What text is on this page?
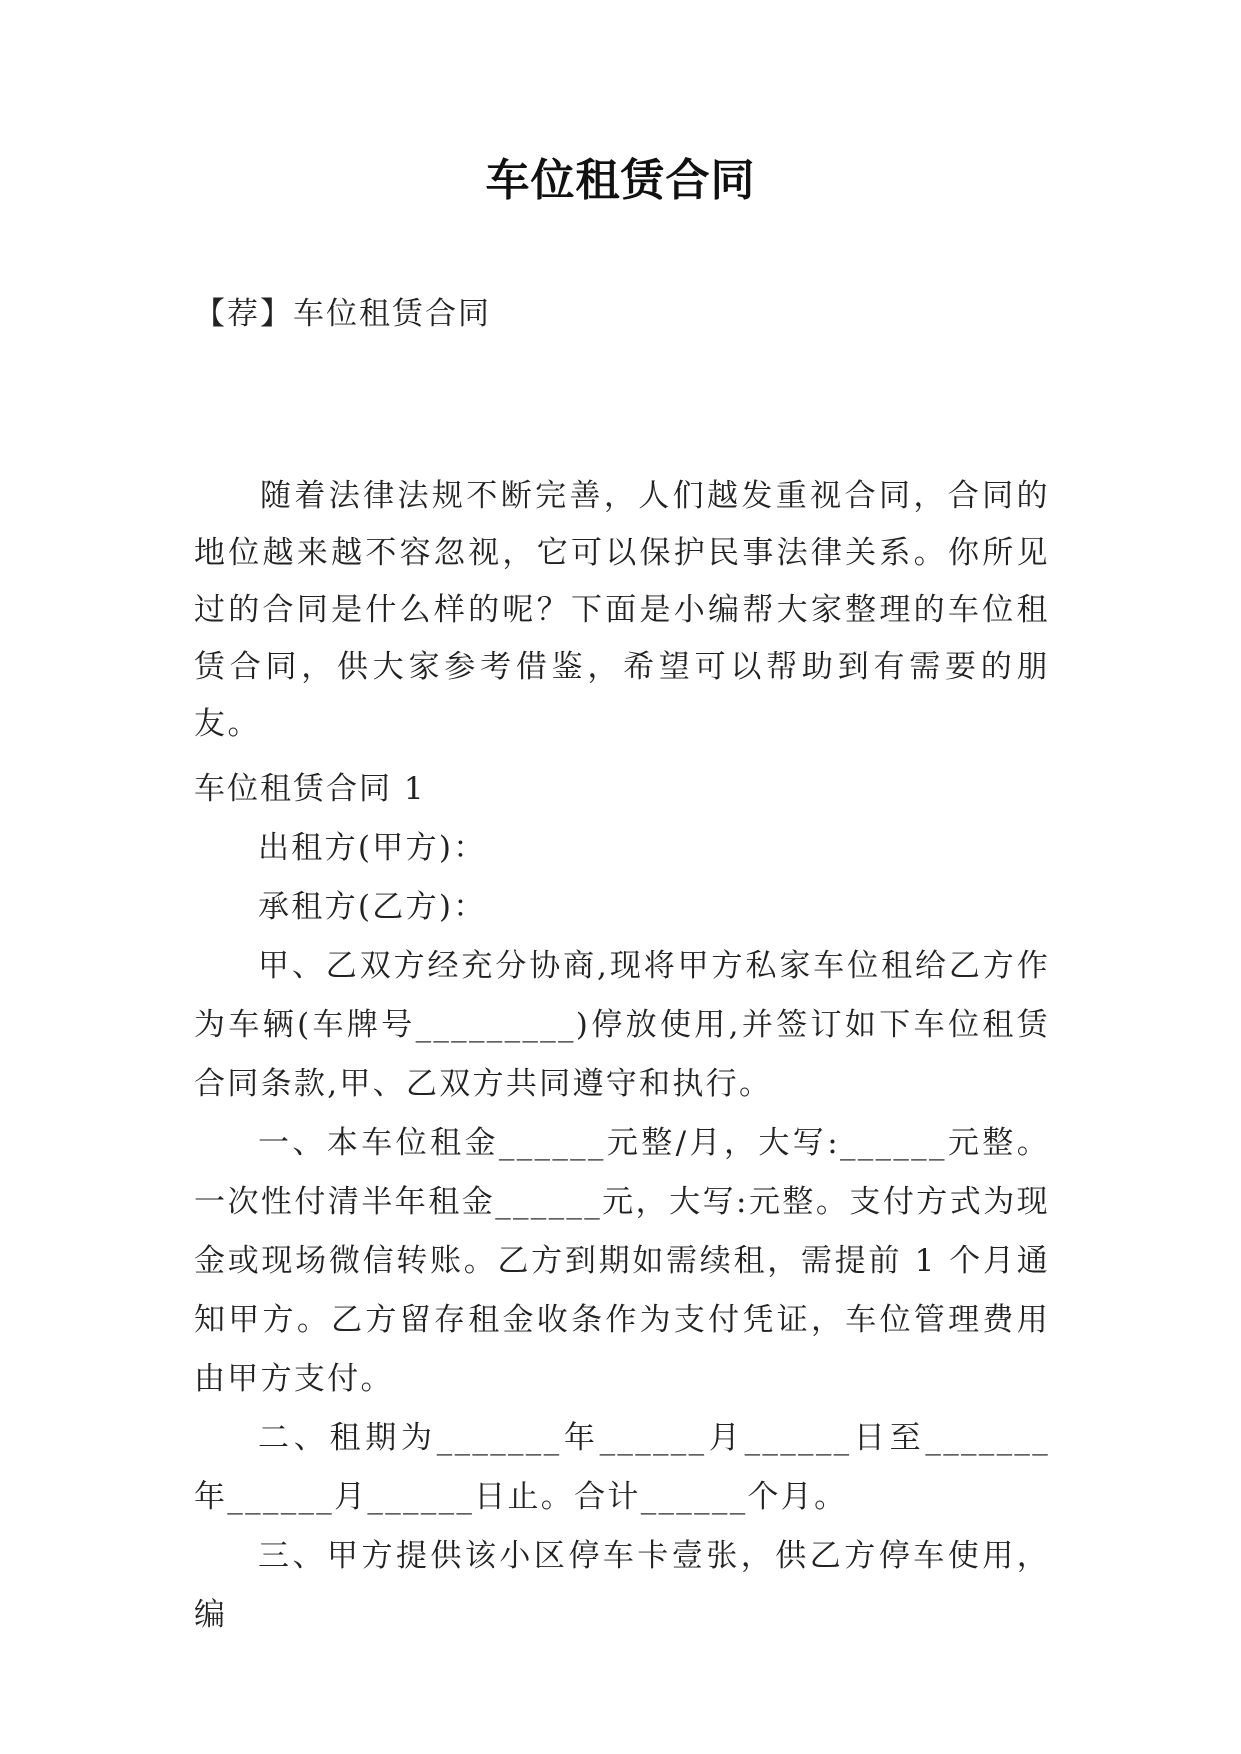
车位租赁合同

【荐】车位租赁合同

随着法律法规不断完善，人们越发重视合同，合同的地位越来越不容忽视，它可以保护民事法律关系。你所见过的合同是什么样的呢？下面是小编帮大家整理的车位租赁合同，供大家参考借鉴，希望可以帮助到有需要的朋友。

车位租赁合同 1

出租方(甲方)：

承租方(乙方)：

甲、乙双方经充分协商,现将甲方私家车位租给乙方作为车辆(车牌号_________)停放使用,并签订如下车位租赁合同条款,甲、乙双方共同遵守和执行。

一、本车位租金______元整/月，大写:______元整。一次性付清半年租金______元，大写:元整。支付方式为现金或现场微信转账。乙方到期如需续租，需提前 1 个月通知甲方。乙方留存租金收条作为支付凭证，车位管理费用由甲方支付。

二、租期为_______年______月______日至_______年______月______日止。合计______个月。

三、甲方提供该小区停车卡壹张，供乙方停车使用，编
